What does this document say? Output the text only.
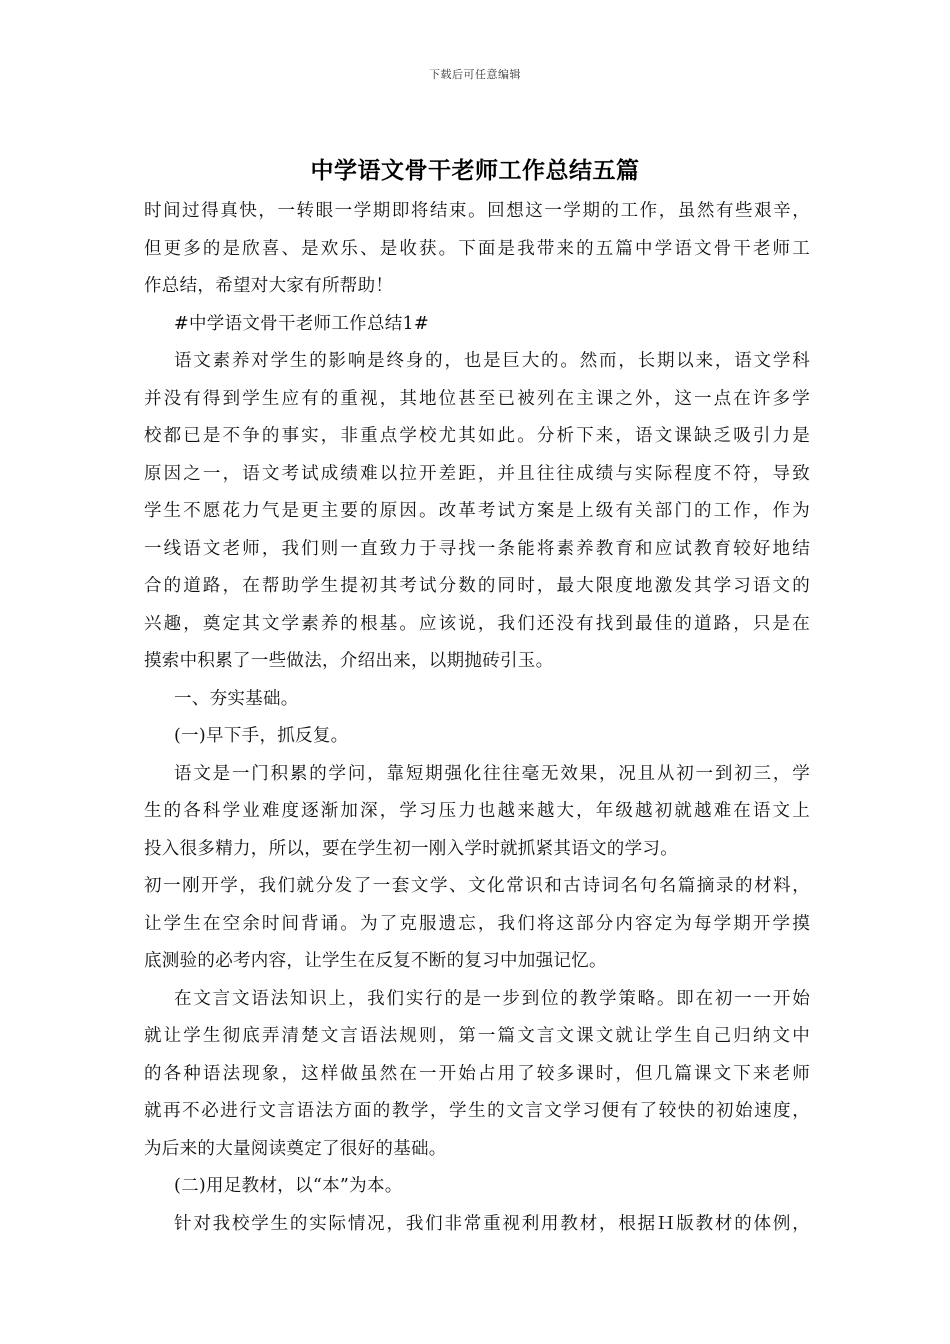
下载后可任意编辑
中学语文骨干老师工作总结五篇
时间过得真快，一转眼一学期即将结束。回想这一学期的工作，虽然有些艰辛，
但更多的是欣喜、是欢乐、是收获。下面是我带来的五篇中学语文骨干老师工
作总结，希望对大家有所帮助！
#中学语文骨干老师工作总结1#
语文素养对学生的影响是终身的，也是巨大的。然而，长期以来，语文学科
并没有得到学生应有的重视，其地位甚至已被列在主课之外，这一点在许多学
校都已是不争的事实，非重点学校尤其如此。分析下来，语文课缺乏吸引力是
原因之一，语文考试成绩难以拉开差距，并且往往成绩与实际程度不符，导致
学生不愿花力气是更主要的原因。改革考试方案是上级有关部门的工作，作为
一线语文老师，我们则一直致力于寻找一条能将素养教育和应试教育较好地结
合的道路，在帮助学生提初其考试分数的同时，最大限度地激发其学习语文的
兴趣，奠定其文学素养的根基。应该说，我们还没有找到最佳的道路，只是在
摸索中积累了一些做法，介绍出来，以期抛砖引玉。
一、夯实基础。
(一)早下手，抓反复。
语文是一门积累的学问，靠短期强化往往毫无效果，况且从初一到初三，学
生的各科学业难度逐渐加深，学习压力也越来越大，年级越初就越难在语文上
投入很多精力，所以，要在学生初一刚入学时就抓紧其语文的学习。
初一刚开学，我们就分发了一套文学、文化常识和古诗词名句名篇摘录的材料，
让学生在空余时间背诵。为了克服遗忘，我们将这部分内容定为每学期开学摸
底测验的必考内容，让学生在反复不断的复习中加强记忆。
在文言文语法知识上，我们实行的是一步到位的教学策略。即在初一一开始
就让学生彻底弄清楚文言语法规则，第一篇文言文课文就让学生自己归纳文中
的各种语法现象，这样做虽然在一开始占用了较多课时，但几篇课文下来老师
就再不必进行文言语法方面的教学，学生的文言文学习便有了较快的初始速度，
为后来的大量阅读奠定了很好的基础。
(二)用足教材，以“本”为本。
针对我校学生的实际情况，我们非常重视利用教材，根据Ｈ版教材的体例，
